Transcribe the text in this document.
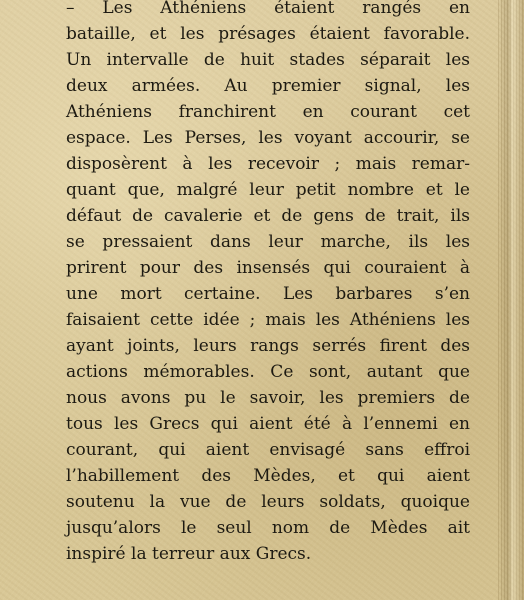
– Les Athéniens étaient rangés en
bataille, et les présages étaient favorable.
Un intervalle de huit stades séparait les
deux armées. Au premier signal, les
Athéniens franchirent en courant cet
espace. Les Perses, les voyant accourir, se
disposèrent à les recevoir ; mais remar-
quant que, malgré leur petit nombre et le
défaut de cavalerie et de gens de trait, ils
se pressaient dans leur marche, ils les
prirent pour des insensés qui couraient à
une mort certaine. Les barbares s’en
faisaient cette idée ; mais les Athéniens les
ayant joints, leurs rangs serrés firent des
actions mémorables. Ce sont, autant que
nous avons pu le savoir, les premiers de
tous les Grecs qui aient été à l’ennemi en
courant, qui aient envisagé sans effroi
l’habillement des Mèdes, et qui aient
soutenu la vue de leurs soldats, quoique
jusqu’alors le seul nom de Mèdes ait
inspiré la terreur aux Grecs.
